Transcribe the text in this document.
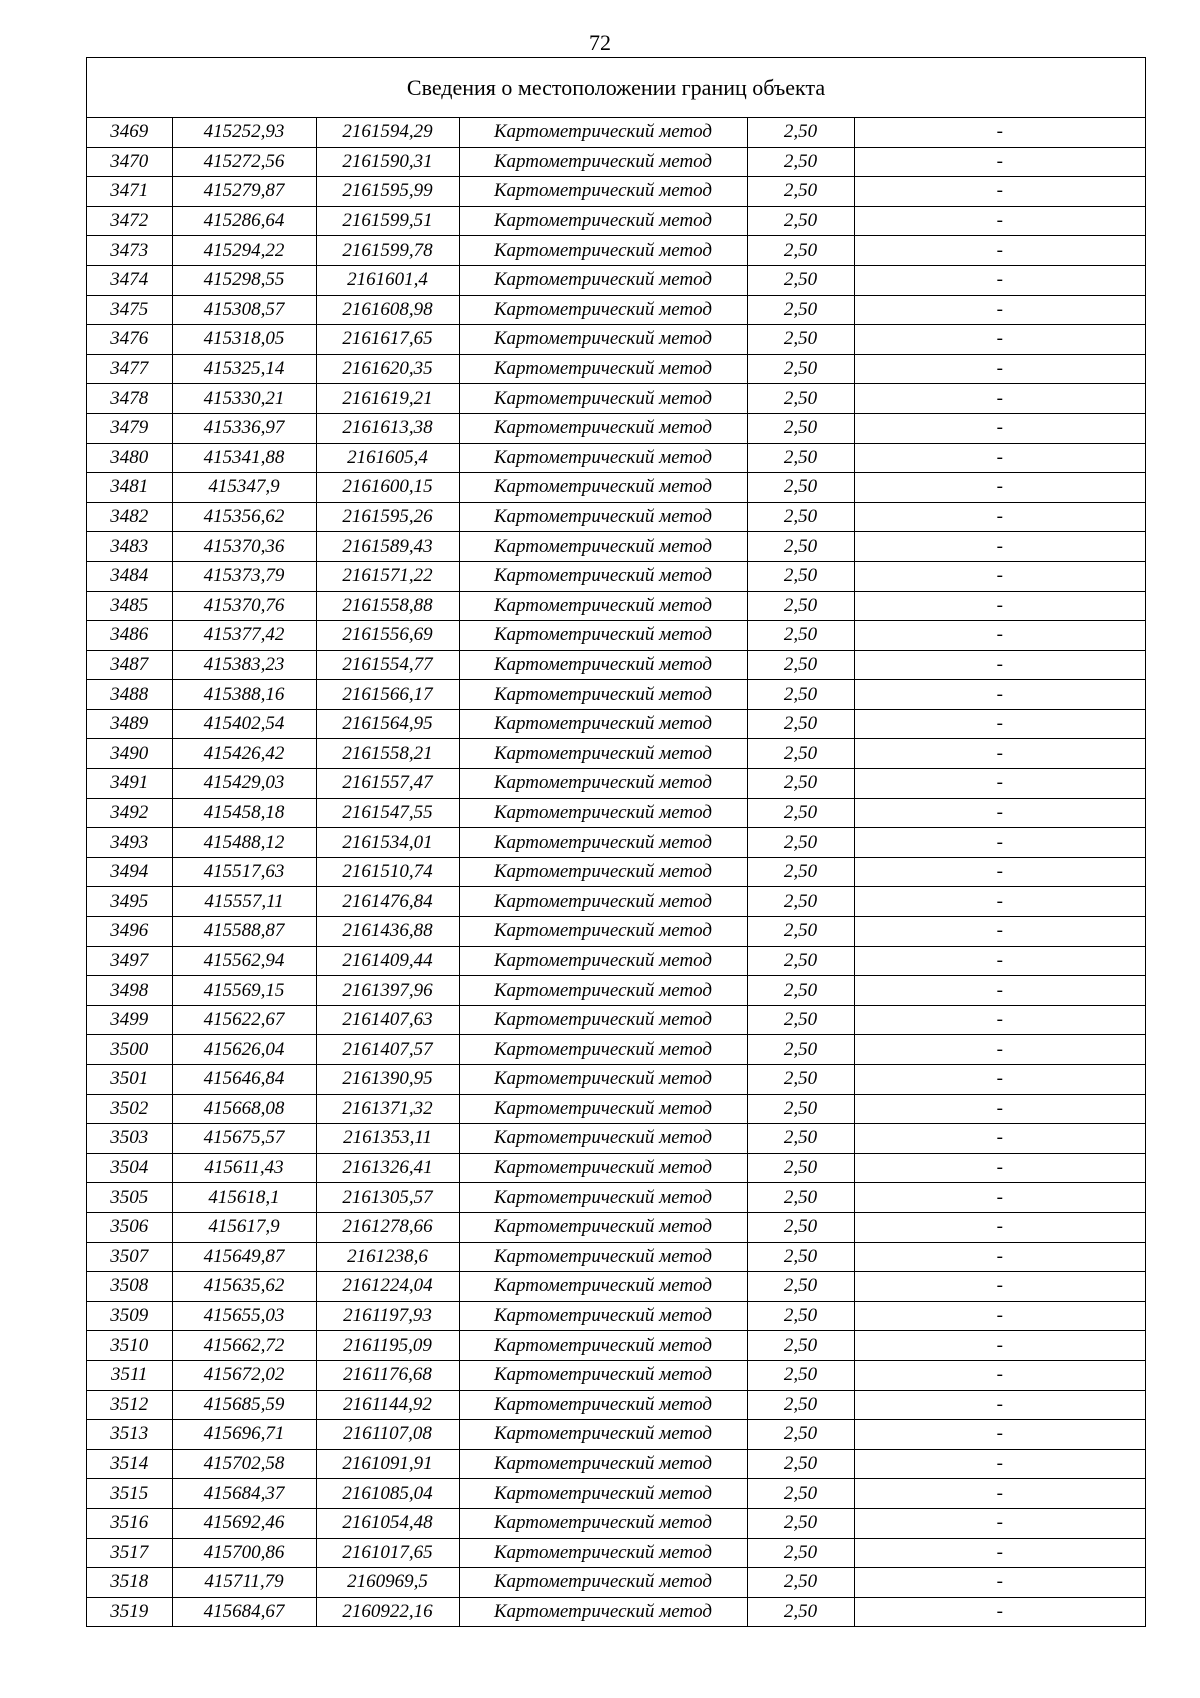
72
Сведения о местоположении границ объекта
3469	415252,93	2161594,29	Картометрический метод	2,50	-
3470	415272,56	2161590,31	Картометрический метод	2,50	-
3471	415279,87	2161595,99	Картометрический метод	2,50	-
3472	415286,64	2161599,51	Картометрический метод	2,50	-
3473	415294,22	2161599,78	Картометрический метод	2,50	-
3474	415298,55	2161601,4	Картометрический метод	2,50	-
3475	415308,57	2161608,98	Картометрический метод	2,50	-
3476	415318,05	2161617,65	Картометрический метод	2,50	-
3477	415325,14	2161620,35	Картометрический метод	2,50	-
3478	415330,21	2161619,21	Картометрический метод	2,50	-
3479	415336,97	2161613,38	Картометрический метод	2,50	-
3480	415341,88	2161605,4	Картометрический метод	2,50	-
3481	415347,9	2161600,15	Картометрический метод	2,50	-
3482	415356,62	2161595,26	Картометрический метод	2,50	-
3483	415370,36	2161589,43	Картометрический метод	2,50	-
3484	415373,79	2161571,22	Картометрический метод	2,50	-
3485	415370,76	2161558,88	Картометрический метод	2,50	-
3486	415377,42	2161556,69	Картометрический метод	2,50	-
3487	415383,23	2161554,77	Картометрический метод	2,50	-
3488	415388,16	2161566,17	Картометрический метод	2,50	-
3489	415402,54	2161564,95	Картометрический метод	2,50	-
3490	415426,42	2161558,21	Картометрический метод	2,50	-
3491	415429,03	2161557,47	Картометрический метод	2,50	-
3492	415458,18	2161547,55	Картометрический метод	2,50	-
3493	415488,12	2161534,01	Картометрический метод	2,50	-
3494	415517,63	2161510,74	Картометрический метод	2,50	-
3495	415557,11	2161476,84	Картометрический метод	2,50	-
3496	415588,87	2161436,88	Картометрический метод	2,50	-
3497	415562,94	2161409,44	Картометрический метод	2,50	-
3498	415569,15	2161397,96	Картометрический метод	2,50	-
3499	415622,67	2161407,63	Картометрический метод	2,50	-
3500	415626,04	2161407,57	Картометрический метод	2,50	-
3501	415646,84	2161390,95	Картометрический метод	2,50	-
3502	415668,08	2161371,32	Картометрический метод	2,50	-
3503	415675,57	2161353,11	Картометрический метод	2,50	-
3504	415611,43	2161326,41	Картометрический метод	2,50	-
3505	415618,1	2161305,57	Картометрический метод	2,50	-
3506	415617,9	2161278,66	Картометрический метод	2,50	-
3507	415649,87	2161238,6	Картометрический метод	2,50	-
3508	415635,62	2161224,04	Картометрический метод	2,50	-
3509	415655,03	2161197,93	Картометрический метод	2,50	-
3510	415662,72	2161195,09	Картометрический метод	2,50	-
3511	415672,02	2161176,68	Картометрический метод	2,50	-
3512	415685,59	2161144,92	Картометрический метод	2,50	-
3513	415696,71	2161107,08	Картометрический метод	2,50	-
3514	415702,58	2161091,91	Картометрический метод	2,50	-
3515	415684,37	2161085,04	Картометрический метод	2,50	-
3516	415692,46	2161054,48	Картометрический метод	2,50	-
3517	415700,86	2161017,65	Картометрический метод	2,50	-
3518	415711,79	2160969,5	Картометрический метод	2,50	-
3519	415684,67	2160922,16	Картометрический метод	2,50	-
